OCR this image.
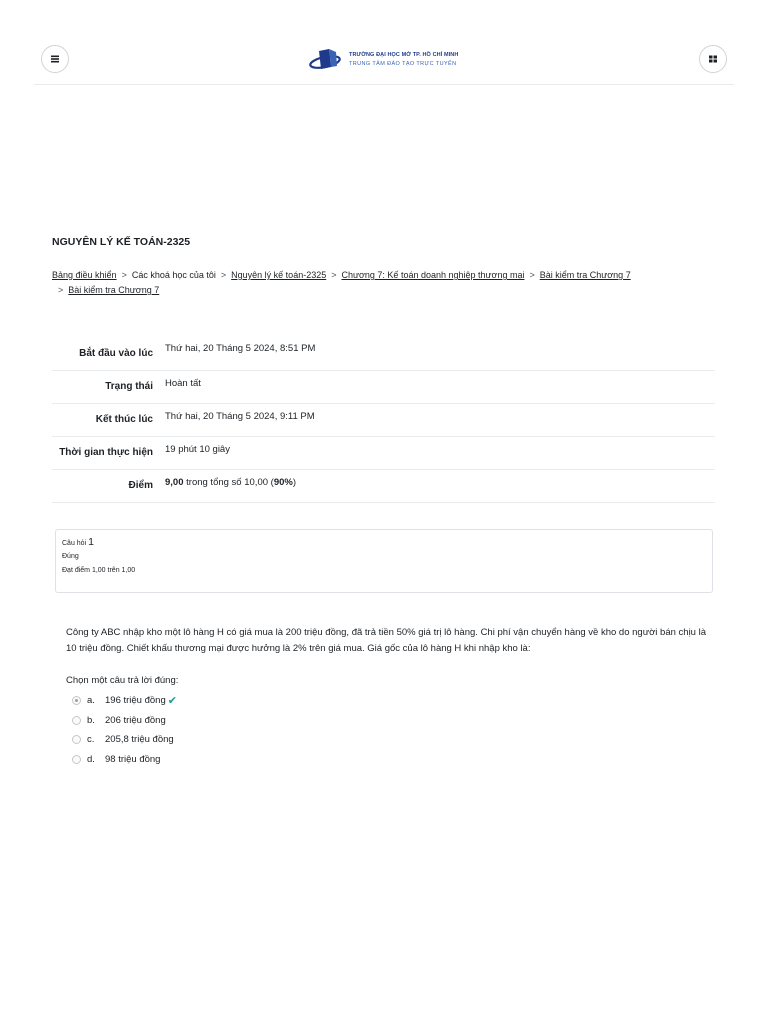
TRƯỜNG ĐẠI HỌC MỞ TP. HỒ CHÍ MINH
TRUNG TÂM ĐÀO TẠO TRỰC TUYẾN
NGUYÊN LÝ KẾ TOÁN-2325
Bảng điều khiển > Các khoá học của tôi > Nguyên lý kế toán-2325 > Chương 7: Kế toán doanh nghiệp thương mại > Bài kiểm tra Chương 7
> Bài kiểm tra Chương 7
Bắt đầu vào lúc	Thứ hai, 20 Tháng 5 2024, 8:51 PM
Trạng thái	Hoàn tất
Kết thúc lúc	Thứ hai, 20 Tháng 5 2024, 9:11 PM
Thời gian thực hiện	19 phút 10 giây
Điểm	9,00 trong tổng số 10,00 (90%)
Câu hỏi 1
Đúng
Đạt điểm 1,00 trên 1,00
Công ty ABC nhập kho một lô hàng H có giá mua là 200 triệu đồng, đã trả tiền 50% giá trị lô hàng. Chi phí vận chuyển hàng về kho do người bán chịu là 10 triệu đồng. Chiết khấu thương mại được hưởng là 2% trên giá mua. Giá gốc của lô hàng H khi nhập kho là:
Chọn một câu trả lời đúng:
a.	196 triệu đồng ✔
b.	206 triệu đồng
c.	205,8 triệu đồng
d.	98 triệu đồng
